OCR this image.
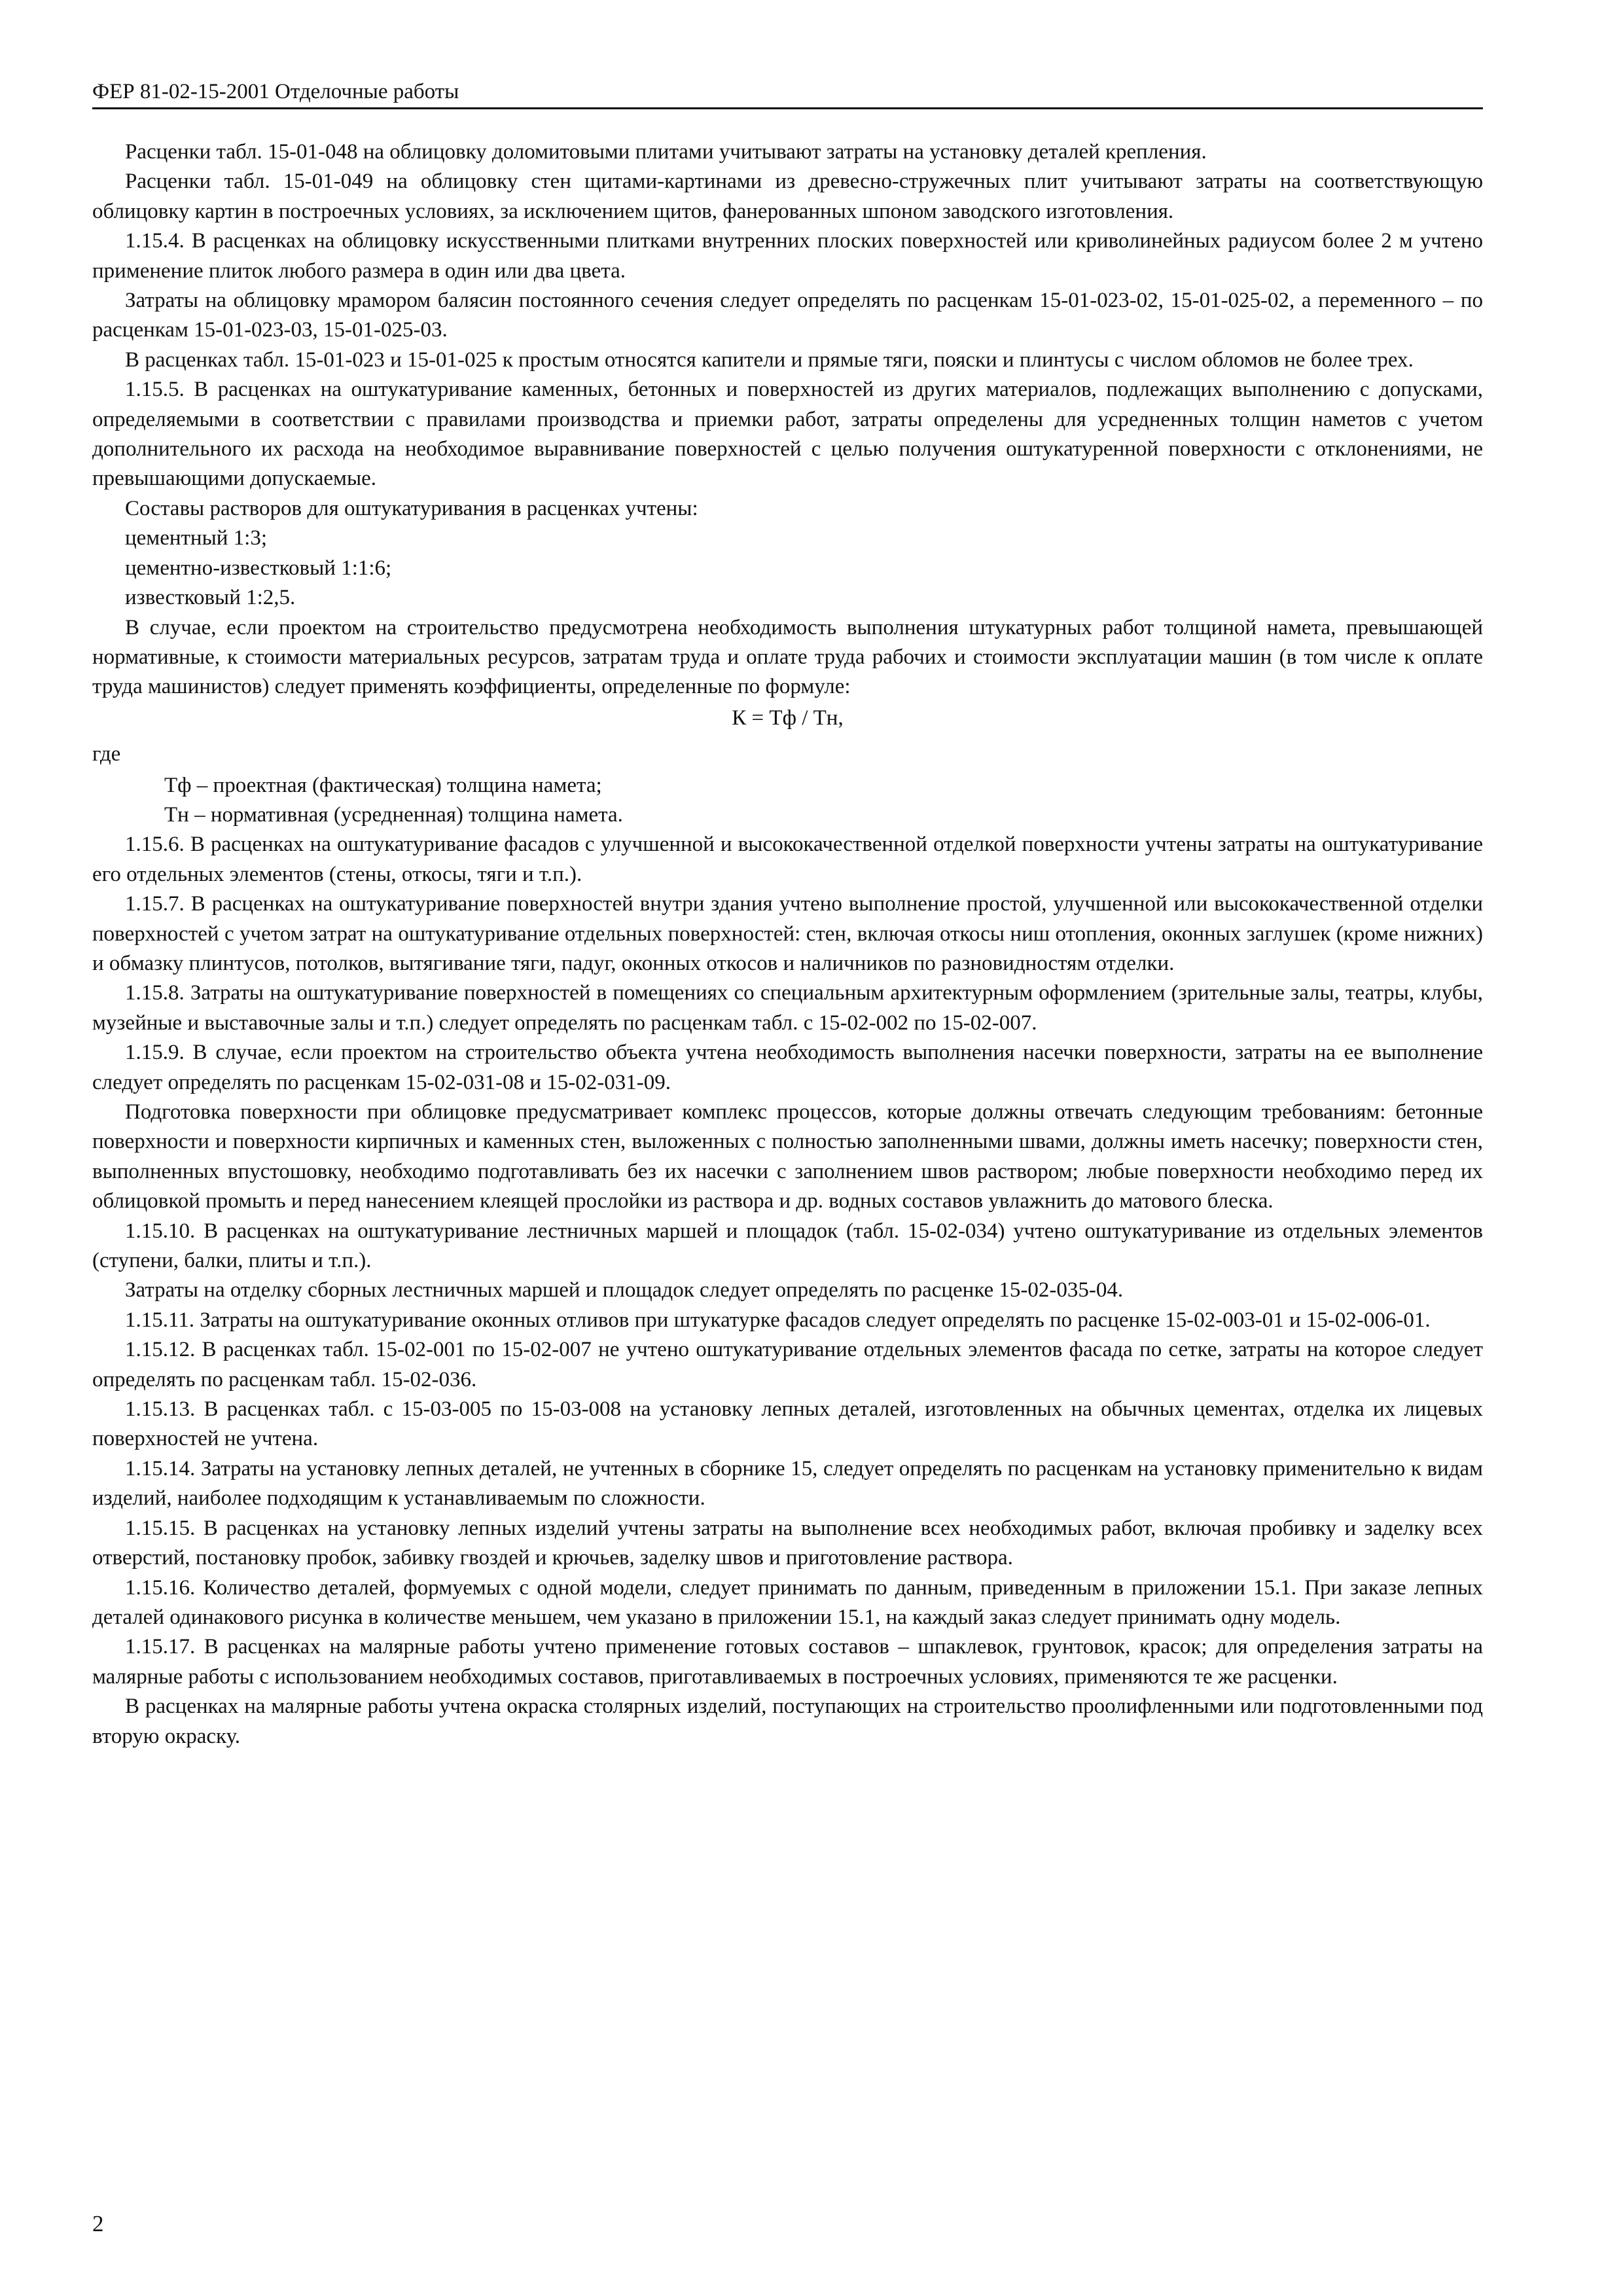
ФЕР 81-02-15-2001 Отделочные работы

Расценки табл. 15-01-048 на облицовку доломитовыми плитами учитывают затраты на установку деталей крепления.

Расценки табл. 15-01-049 на облицовку стен щитами-картинами из древесно-стружечных плит учитывают затраты на соответствующую облицовку картин в построечных условиях, за исключением щитов, фанерованных шпоном заводского изготовления.

1.15.4. В расценках на облицовку искусственными плитками внутренних плоских поверхностей или криволинейных радиусом более 2 м учтено применение плиток любого размера в один или два цвета.

Затраты на облицовку мрамором балясин постоянного сечения следует определять по расценкам 15-01-023-02, 15-01-025-02, а переменного – по расценкам 15-01-023-03, 15-01-025-03.

В расценках табл. 15-01-023 и 15-01-025 к простым относятся капители и прямые тяги, пояски и плинтусы с числом обломов не более трех.

1.15.5. В расценках на оштукатуривание каменных, бетонных и поверхностей из других материалов, подлежащих выполнению с допусками, определяемыми в соответствии с правилами производства и приемки работ, затраты определены для усредненных толщин наметов с учетом дополнительного их расхода на необходимое выравнивание поверхностей с целью получения оштукатуренной поверхности с отклонениями, не превышающими допускаемые.

Составы растворов для оштукатуривания в расценках учтены:

цементный 1:3;

цементно-известковый 1:1:6;

известковый 1:2,5.

В случае, если проектом на строительство предусмотрена необходимость выполнения штукатурных работ толщиной намета, превышающей нормативные, к стоимости материальных ресурсов, затратам труда и оплате труда рабочих и стоимости эксплуатации машин (в том числе к оплате труда машинистов) следует применять коэффициенты, определенные по формуле:

К = Тф / Тн,

где

Тф – проектная (фактическая) толщина намета;

Тн – нормативная (усредненная) толщина намета.

1.15.6. В расценках на оштукатуривание фасадов с улучшенной и высококачественной отделкой поверхности учтены затраты на оштукатуривание его отдельных элементов (стены, откосы, тяги и т.п.).

1.15.7. В расценках на оштукатуривание поверхностей внутри здания учтено выполнение простой, улучшенной или высококачественной отделки поверхностей с учетом затрат на оштукатуривание отдельных поверхностей: стен, включая откосы ниш отопления, оконных заглушек (кроме нижних) и обмазку плинтусов, потолков, вытягивание тяги, падуг, оконных откосов и наличников по разновидностям отделки.

1.15.8. Затраты на оштукатуривание поверхностей в помещениях со специальным архитектурным оформлением (зрительные залы, театры, клубы, музейные и выставочные залы и т.п.) следует определять по расценкам табл. с 15-02-002 по 15-02-007.

1.15.9. В случае, если проектом на строительство объекта учтена необходимость выполнения насечки поверхности, затраты на ее выполнение следует определять по расценкам 15-02-031-08 и 15-02-031-09.

Подготовка поверхности при облицовке предусматривает комплекс процессов, которые должны отвечать следующим требованиям: бетонные поверхности и поверхности кирпичных и каменных стен, выложенных с полностью заполненными швами, должны иметь насечку; поверхности стен, выполненных впустошовку, необходимо подготавливать без их насечки с заполнением швов раствором; любые поверхности необходимо перед их облицовкой промыть и перед нанесением клеящей прослойки из раствора и др. водных составов увлажнить до матового блеска.

1.15.10. В расценках на оштукатуривание лестничных маршей и площадок (табл. 15-02-034) учтено оштукатуривание из отдельных элементов (ступени, балки, плиты и т.п.).

Затраты на отделку сборных лестничных маршей и площадок следует определять по расценке 15-02-035-04.

1.15.11. Затраты на оштукатуривание оконных отливов при штукатурке фасадов следует определять по расценке 15-02-003-01 и 15-02-006-01.

1.15.12. В расценках табл. 15-02-001 по 15-02-007 не учтено оштукатуривание отдельных элементов фасада по сетке, затраты на которое следует определять по расценкам табл. 15-02-036.

1.15.13. В расценках табл. с 15-03-005 по 15-03-008 на установку лепных деталей, изготовленных на обычных цементах, отделка их лицевых поверхностей не учтена.

1.15.14. Затраты на установку лепных деталей, не учтенных в сборнике 15, следует определять по расценкам на установку применительно к видам изделий, наиболее подходящим к устанавливаемым по сложности.

1.15.15. В расценках на установку лепных изделий учтены затраты на выполнение всех необходимых работ, включая пробивку и заделку всех отверстий, постановку пробок, забивку гвоздей и крючьев, заделку швов и приготовление раствора.

1.15.16. Количество деталей, формуемых с одной модели, следует принимать по данным, приведенным в приложении 15.1. При заказе лепных деталей одинакового рисунка в количестве меньшем, чем указано в приложении 15.1, на каждый заказ следует принимать одну модель.

1.15.17. В расценках на малярные работы учтено применение готовых составов – шпаклевок, грунтовок, красок; для определения затраты на малярные работы с использованием необходимых составов, приготавливаемых в построечных условиях, применяются те же расценки.

В расценках на малярные работы учтена окраска столярных изделий, поступающих на строительство проолифленными или подготовленными под вторую окраску.

2
